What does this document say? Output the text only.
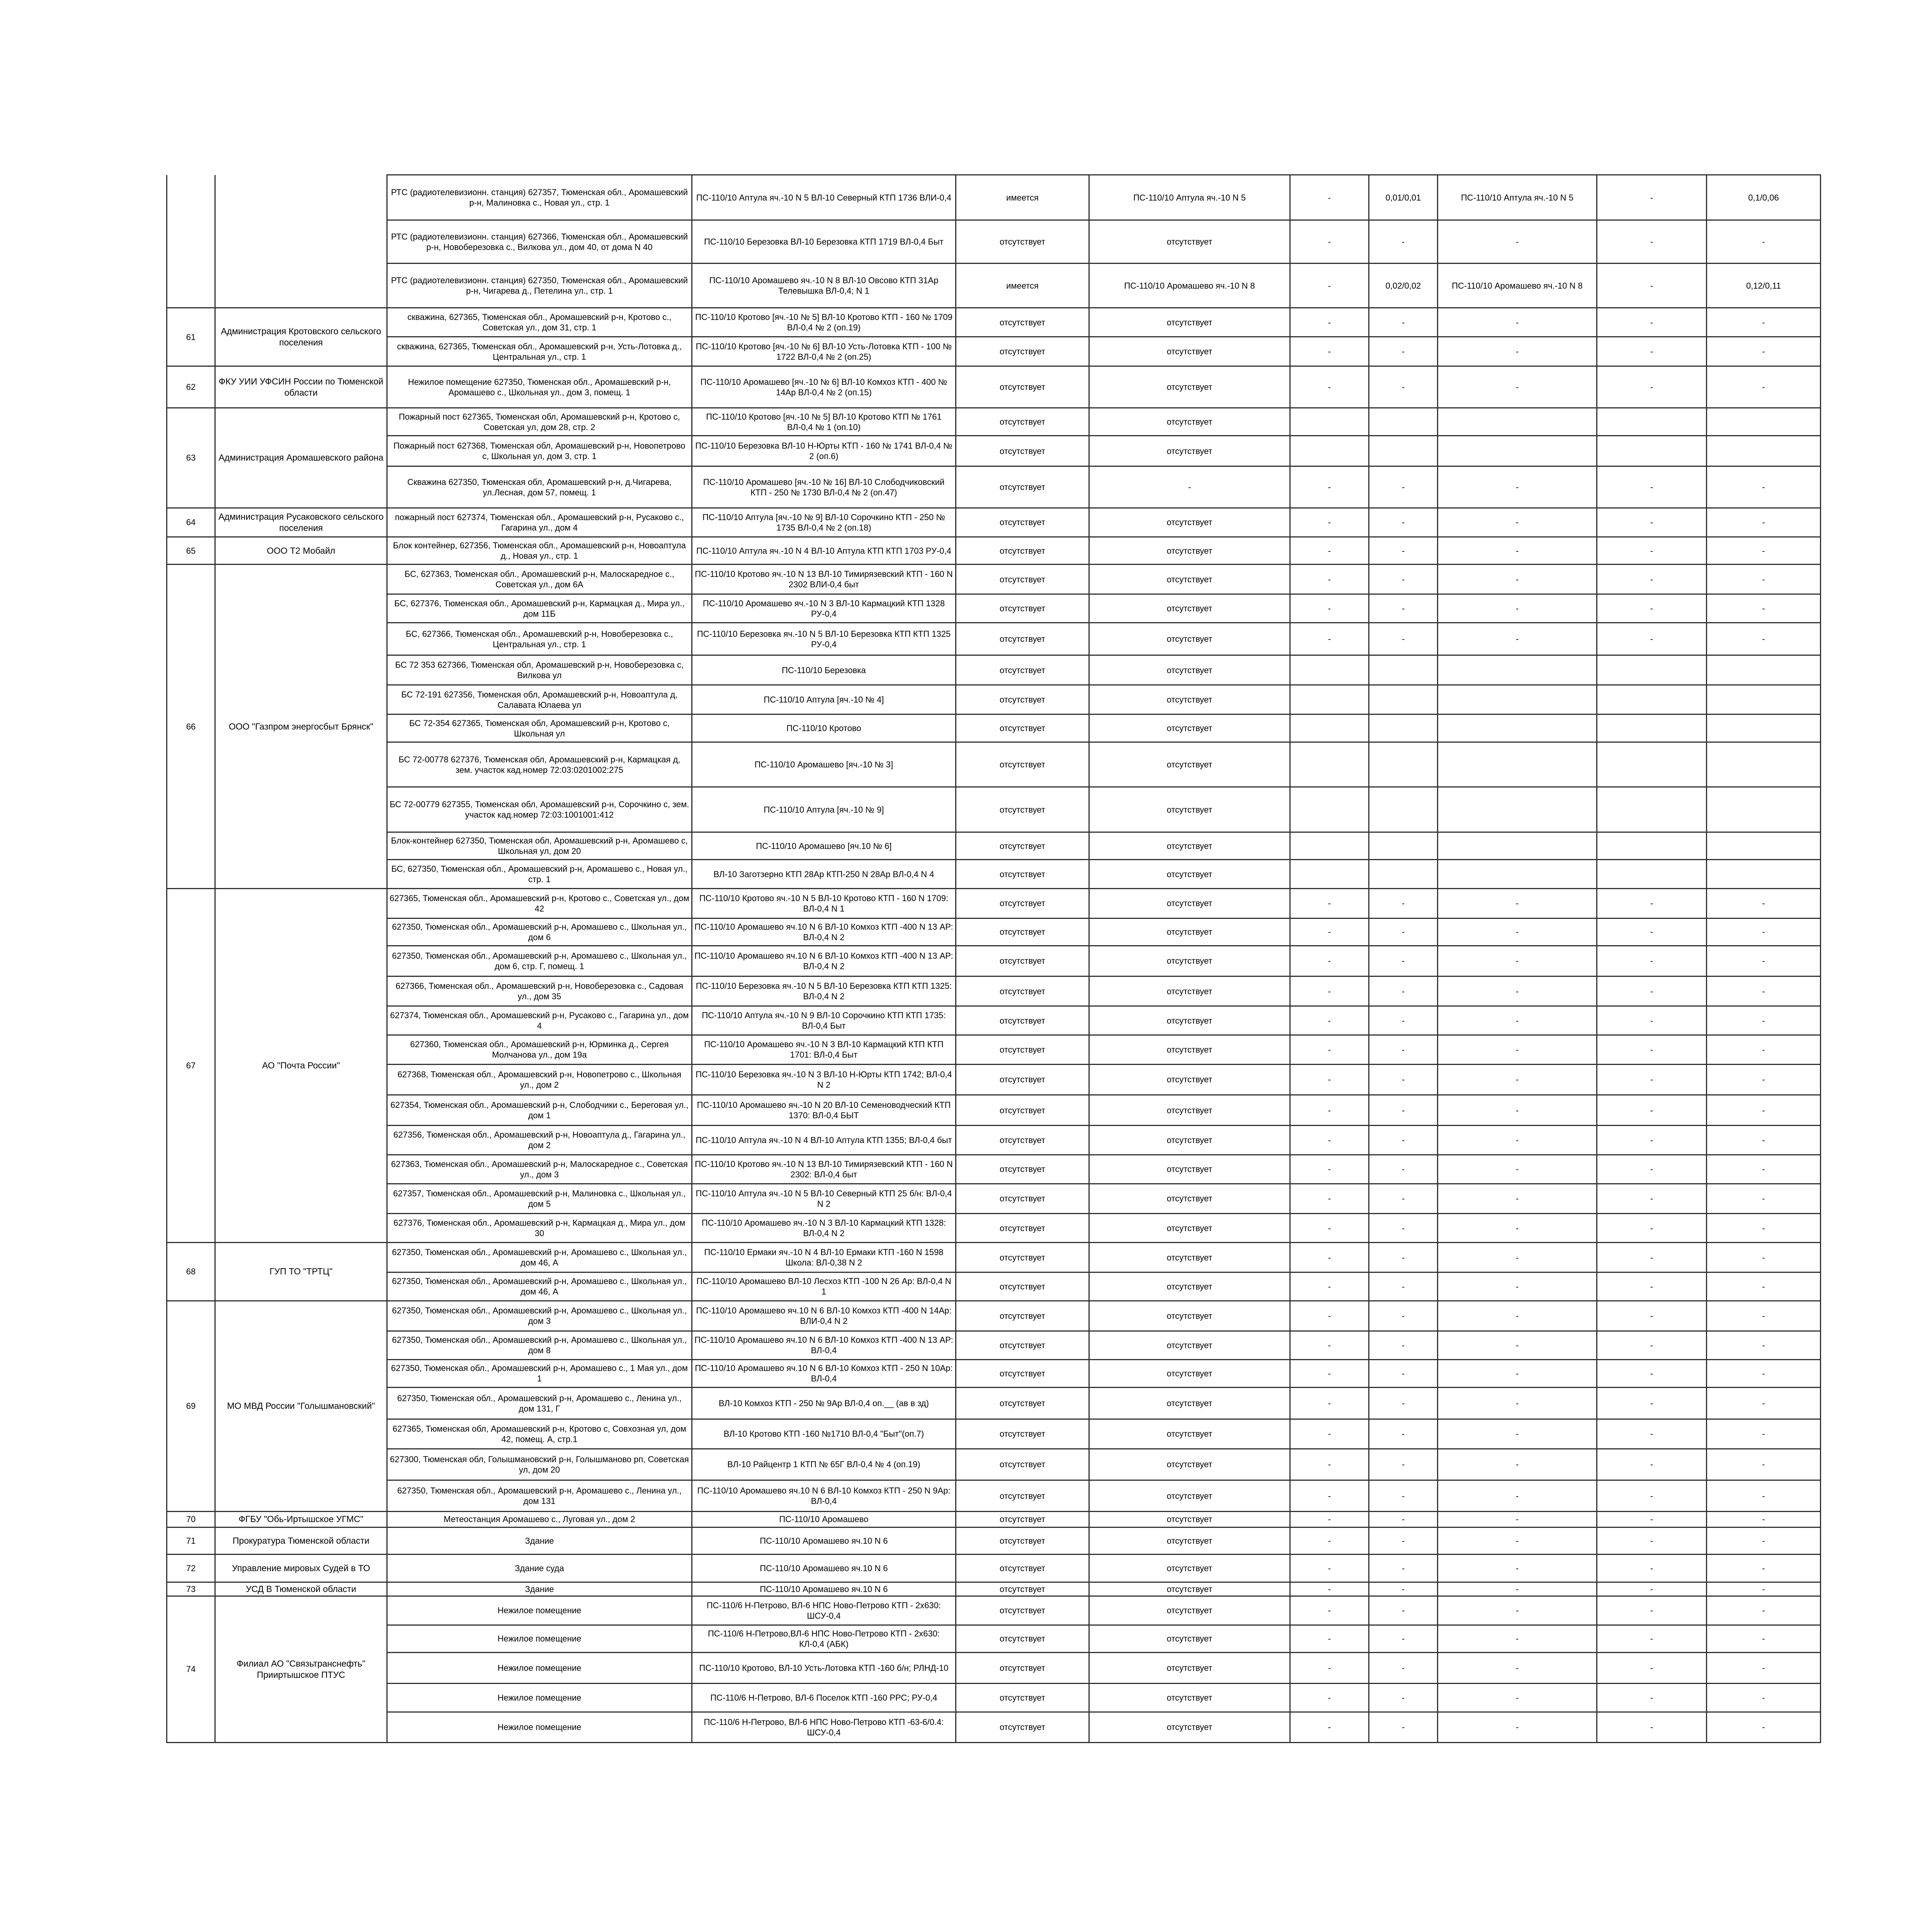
		РТС (радиотелевизионн. станция) 627357, Тюменская обл., Аромашевский р-н, Малиновка с., Новая ул., стр. 1	ПС-110/10 Аптула яч.-10 N 5 ВЛ-10 Северный КТП 1736 ВЛИ-0,4	имеется	ПС-110/10 Аптула яч.-10 N 5	-	0,01/0,01	ПС-110/10 Аптула яч.-10 N 5	-	0,1/0,06
		РТС (радиотелевизионн. станция) 627366, Тюменская обл., Аромашевский р-н, Новоберезовка с., Вилкова ул., дом 40, от дома N 40	ПС-110/10 Березовка ВЛ-10 Березовка КТП 1719 ВЛ-0,4 Быт	отсутствует	отсутствует	-	-	-	-	-
		РТС (радиотелевизионн. станция) 627350, Тюменская обл., Аромашевский р-н, Чигарева д., Петелина ул., стр. 1	ПС-110/10 Аромашево яч.-10 N 8 ВЛ-10 Овсово КТП 31Ар Телевышка ВЛ-0,4; N 1	имеется	ПС-110/10 Аромашево яч.-10 N 8	-	0,02/0,02	ПС-110/10 Аромашево яч.-10 N 8	-	0,12/0,11
61	Администрация Кротовского сельского поселения	скважина, 627365, Тюменская обл., Аромашевский р-н, Кротово с., Советская ул., дом 31, стр. 1	ПС-110/10 Кротово [яч.-10 № 5] ВЛ-10 Кротово КТП - 160 № 1709 ВЛ-0,4 № 2 (оп.19)	отсутствует	отсутствует	-	-	-	-	-
		скважина, 627365, Тюменская обл., Аромашевский р-н, Усть-Лотовка д., Центральная ул., стр. 1	ПС-110/10 Кротово [яч.-10 № 6] ВЛ-10 Усть-Лотовка КТП - 100 № 1722 ВЛ-0,4 № 2 (оп.25)	отсутствует	отсутствует	-	-	-	-	-
62	ФКУ УИИ УФСИН России по Тюменской области	Нежилое помещение 627350, Тюменская обл., Аромашевский р-н, Аромашево с., Школьная ул., дом 3, помещ. 1	ПС-110/10 Аромашево [яч.-10 № 6] ВЛ-10 Комхоз КТП - 400 № 14Ар ВЛ-0,4 № 2 (оп.15)	отсутствует	отсутствует	-	-	-	-	-
63	Администрация Аромашевского района	Пожарный пост 627365, Тюменская обл, Аромашевский р-н, Кротово с, Советская ул, дом 28, стр. 2	ПС-110/10 Кротово [яч.-10 № 5] ВЛ-10 Кротово КТП № 1761 ВЛ-0,4 № 1 (оп.10)	отсутствует	отсутствует					
		Пожарный пост 627368, Тюменская обл, Аромашевский р-н, Новопетрово с, Школьная ул, дом 3, стр. 1	ПС-110/10 Березовка ВЛ-10 Н-Юрты КТП - 160 № 1741 ВЛ-0,4 № 2 (оп.6)	отсутствует	отсутствует					
		Скважина 627350, Тюменская обл, Аромашевский р-н, д.Чигарева, ул.Лесная, дом 57, помещ. 1	ПС-110/10 Аромашево [яч.-10 № 16] ВЛ-10 Слободчиковский КТП - 250 № 1730 ВЛ-0,4 № 2 (оп.47)	отсутствует	-	-	-	-	-	-
64	Администрация Русаковского сельского поселения	пожарный пост 627374, Тюменская обл., Аромашевский р-н, Русаково с., Гагарина ул., дом 4	ПС-110/10 Аптула [яч.-10 № 9] ВЛ-10 Сорочкино КТП - 250 № 1735 ВЛ-0,4 № 2 (оп.18)	отсутствует	отсутствует	-	-	-	-	-
65	ООО Т2 Мобайл	Блок контейнер, 627356, Тюменская обл., Аромашевский р-н, Новоаптула д., Новая ул., стр. 1	ПС-110/10 Аптула яч.-10 N 4 ВЛ-10 Аптула КТП КТП 1703 РУ-0,4	отсутствует	отсутствует	-	-	-	-	-
66	ООО "Газпром энергосбыт Брянск"	БС, 627363, Тюменская обл., Аромашевский р-н, Малоскаредное с., Советская ул., дом 6А	ПС-110/10 Кротово яч.-10 N 13 ВЛ-10 Тимирязевский КТП - 160 N 2302 ВЛИ-0,4 быт	отсутствует	отсутствует	-	-	-	-	-
		БС, 627376, Тюменская обл., Аромашевский р-н, Кармацкая д., Мира ул., дом 11Б	ПС-110/10 Аромашево яч.-10 N 3 ВЛ-10 Кармацкий КТП 1328 РУ-0,4	отсутствует	отсутствует	-	-	-	-	-
		БС, 627366, Тюменская обл., Аромашевский р-н, Новоберезовка с., Центральная ул., стр. 1	ПС-110/10 Березовка яч.-10 N 5 ВЛ-10 Березовка КТП КТП 1325 РУ-0,4	отсутствует	отсутствует	-	-	-	-	-
		БС 72 353 627366, Тюменская обл, Аромашевский р-н, Новоберезовка с, Вилкова ул	ПС-110/10 Березовка	отсутствует	отсутствует					
		БС 72-191 627356, Тюменская обл, Аромашевский р-н, Новоаптула д, Салавата Юлаева ул	ПС-110/10 Аптула [яч.-10 № 4]	отсутствует	отсутствует					
		БС 72-354 627365, Тюменская обл, Аромашевский р-н, Кротово с, Школьная ул	ПС-110/10 Кротово	отсутствует	отсутствует					
		БС 72-00778 627376, Тюменская обл, Аромашевский р-н, Кармацкая д, зем. участок кад.номер 72:03:0201002:275	ПС-110/10 Аромашево [яч.-10 № 3]	отсутствует	отсутствует					
		БС 72-00779 627355, Тюменская обл, Аромашевский р-н, Сорочкино с, зем. участок кад.номер 72:03:1001001:412	ПС-110/10 Аптула [яч.-10 № 9]	отсутствует	отсутствует					
		Блок-контейнер 627350, Тюменская обл, Аромашевский р-н, Аромашево с, Школьная ул, дом 20	ПС-110/10 Аромашево [яч.10 № 6]	отсутствует	отсутствует					
		БС, 627350, Тюменская обл., Аромашевский р-н, Аромашево с., Новая ул., стр. 1	ВЛ-10 Заготзерно КТП 28Ар КТП-250 N 28Ар ВЛ-0,4 N 4	отсутствует	отсутствует					
67	АО "Почта России"	627365, Тюменская обл., Аромашевский р-н, Кротово с., Советская ул., дом 42	ПС-110/10 Кротово яч.-10 N 5 ВЛ-10 Кротово КТП - 160 N 1709: ВЛ-0,4 N 1	отсутствует	отсутствует	-	-	-	-	-
		627350, Тюменская обл., Аромашевский р-н, Аромашево с., Школьная ул., дом 6	ПС-110/10 Аромашево яч.10 N 6 ВЛ-10 Комхоз КТП -400 N 13 АР: ВЛ-0,4 N 2	отсутствует	отсутствует	-	-	-	-	-
		627350, Тюменская обл., Аромашевский р-н, Аромашево с., Школьная ул., дом 6, стр. Г, помещ. 1	ПС-110/10 Аромашево яч.10 N 6 ВЛ-10 Комхоз КТП -400 N 13 АР: ВЛ-0,4 N 2	отсутствует	отсутствует	-	-	-	-	-
		627366, Тюменская обл., Аромашевский р-н, Новоберезовка с., Садовая ул., дом 35	ПС-110/10 Березовка яч.-10 N 5 ВЛ-10 Березовка КТП КТП 1325: ВЛ-0,4 N 2	отсутствует	отсутствует	-	-	-	-	-
		627374, Тюменская обл., Аромашевский р-н, Русаково с., Гагарина ул., дом 4	ПС-110/10 Аптула яч.-10 N 9 ВЛ-10 Сорочкино КТП КТП 1735: ВЛ-0,4 Быт	отсутствует	отсутствует	-	-	-	-	-
		627360, Тюменская обл., Аромашевский р-н, Юрминка д., Сергея Молчанова ул., дом 19а	ПС-110/10 Аромашево яч.-10 N 3 ВЛ-10 Кармацкий КТП КТП 1701: ВЛ-0,4 Быт	отсутствует	отсутствует	-	-	-	-	-
		627368, Тюменская обл., Аромашевский р-н, Новопетрово с., Школьная ул., дом 2	ПС-110/10 Березовка яч.-10 N 3 ВЛ-10 Н-Юрты КТП 1742; ВЛ-0,4 N 2	отсутствует	отсутствует	-	-	-	-	-
		627354, Тюменская обл., Аромашевский р-н, Слободчики с., Береговая ул., дом 1	ПС-110/10 Аромашево яч.-10 N 20 ВЛ-10 Семеноводческий КТП 1370: ВЛ-0,4 БЫТ	отсутствует	отсутствует	-	-	-	-	-
		627356, Тюменская обл., Аромашевский р-н, Новоаптула д., Гагарина ул., дом 2	ПС-110/10 Аптула яч.-10 N 4 ВЛ-10 Аптула КТП 1355; ВЛ-0,4 быт	отсутствует	отсутствует	-	-	-	-	-
		627363, Тюменская обл., Аромашевский р-н, Малоскаредное с., Советская ул., дом 3	ПС-110/10 Кротово яч.-10 N 13 ВЛ-10 Тимирязевский КТП - 160 N 2302: ВЛ-0,4 быт	отсутствует	отсутствует	-	-	-	-	-
		627357, Тюменская обл., Аромашевский р-н, Малиновка с., Школьная ул., дом 5	ПС-110/10 Аптула яч.-10 N 5 ВЛ-10 Северный КТП 25 б/н: ВЛ-0,4 N 2	отсутствует	отсутствует	-	-	-	-	-
		627376, Тюменская обл., Аромашевский р-н, Кармацкая д., Мира ул., дом 30	ПС-110/10 Аромашево яч.-10 N 3 ВЛ-10 Кармацкий КТП 1328: ВЛ-0,4 N 2	отсутствует	отсутствует	-	-	-	-	-
68	ГУП ТО "ТРТЦ"	627350, Тюменская обл., Аромашевский р-н, Аромашево с., Школьная ул., дом 46, А	ПС-110/10 Ермаки яч.-10 N 4 ВЛ-10 Ермаки КТП -160 N 1598 Школа: ВЛ-0,38 N 2	отсутствует	отсутствует	-	-	-	-	-
		627350, Тюменская обл., Аромашевский р-н, Аромашево с., Школьная ул., дом 46, А	ПС-110/10 Аромашево ВЛ-10 Лесхоз КТП -100 N 26 Ар: ВЛ-0,4 N 1	отсутствует	отсутствует	-	-	-	-	-
69	МО МВД России "Голышмановский"	627350, Тюменская обл., Аромашевский р-н, Аромашево с., Школьная ул., дом 3	ПС-110/10 Аромашево яч.10 N 6 ВЛ-10 Комхоз КТП -400 N 14Ар: ВЛИ-0,4 N 2	отсутствует	отсутствует	-	-	-	-	-
		627350, Тюменская обл., Аромашевский р-н, Аромашево с., Школьная ул., дом 8	ПС-110/10 Аромашево яч.10 N 6 ВЛ-10 Комхоз КТП -400 N 13 АР: ВЛ-0,4	отсутствует	отсутствует	-	-	-	-	-
		627350, Тюменская обл., Аромашевский р-н, Аромашево с., 1 Мая ул., дом 1	ПС-110/10 Аромашево яч.10 N 6 ВЛ-10 Комхоз КТП - 250 N 10Ар: ВЛ-0,4	отсутствует	отсутствует	-	-	-	-	-
		627350, Тюменская обл., Аромашевский р-н, Аромашево с., Ленина ул., дом 131, Г	ВЛ-10 Комхоз КТП - 250 № 9Ар ВЛ-0,4 оп.__ (ав в зд)	отсутствует	отсутствует	-	-	-	-	-
		627365, Тюменская обл, Аромашевский р-н, Кротово с, Совхозная ул, дом 42, помещ. А, стр.1	ВЛ-10 Кротово КТП -160 №1710 ВЛ-0,4 "Быт"(оп.7)	отсутствует	отсутствует	-	-	-	-	-
		627300, Тюменская обл, Голышмановский р-н, Голышманово рп, Советская ул, дом 20	ВЛ-10 Райцентр 1 КТП № 65Г ВЛ-0,4 № 4 (оп.19)	отсутствует	отсутствует	-	-	-	-	-
		627350, Тюменская обл., Аромашевский р-н, Аромашево с., Ленина ул., дом 131	ПС-110/10 Аромашево яч.10 N 6 ВЛ-10 Комхоз КТП - 250 N 9Ар: ВЛ-0,4	отсутствует	отсутствует	-	-	-	-	-
70	ФГБУ "Обь-Иртышское УГМС"	Метеостанция Аромашево с., Луговая ул., дом 2	ПС-110/10 Аромашево	отсутствует	отсутствует	-	-	-	-	-
71	Прокуратура Тюменской области	Здание	ПС-110/10 Аромашево яч.10 N 6	отсутствует	отсутствует	-	-	-	-	-
72	Управление мировых Судей в ТО	Здание суда	ПС-110/10 Аромашево яч.10 N 6	отсутствует	отсутствует	-	-	-	-	-
73	УСД В Тюменской области	Здание	ПС-110/10 Аромашево яч.10 N 6	отсутствует	отсутствует	-	-	-	-	-
74	Филиал АО "Связьтранснефть" Прииртышское ПТУС	Нежилое помещение	ПС-110/6 Н-Петрово, ВЛ-6 НПС Ново-Петрово КТП - 2х630: ШСУ-0,4	отсутствует	отсутствует	-	-	-	-	-
		Нежилое помещение	ПС-110/6 Н-Петрово,ВЛ-6 НПС Ново-Петрово КТП - 2х630: КЛ-0,4 (АБК)	отсутствует	отсутствует	-	-	-	-	-
		Нежилое помещение	ПС-110/10 Кротово, ВЛ-10 Усть-Лотовка КТП -160 б/н; РЛНД-10	отсутствует	отсутствует	-	-	-	-	-
		Нежилое помещение	ПС-110/6 Н-Петрово, ВЛ-6 Поселок КТП -160 РРС; РУ-0,4	отсутствует	отсутствует	-	-	-	-	-
		Нежилое помещение	ПС-110/6 Н-Петрово, ВЛ-6 НПС Ново-Петрово КТП -63-6/0.4: ШСУ-0,4	отсутствует	отсутствует	-	-	-	-	-
